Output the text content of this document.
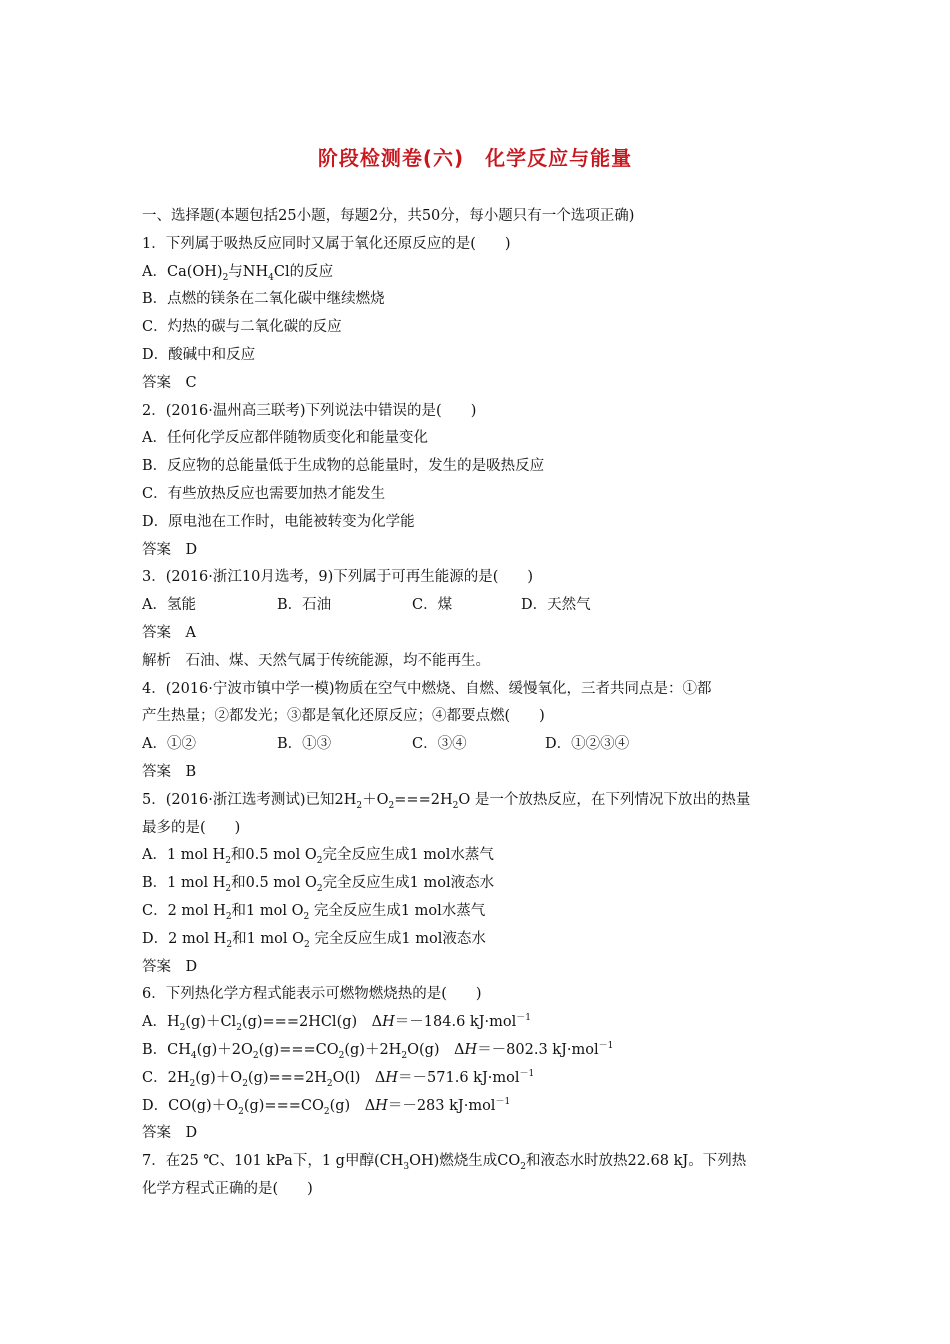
阶段检测卷(六)　化学反应与能量
一、选择题(本题包括25小题，每题2分，共50分，每小题只有一个选项正确)
1．下列属于吸热反应同时又属于氧化还原反应的是(　　)
A．$Ca(OH)_2$与$NH_4Cl$的反应
B．点燃的镁条在二氧化碳中继续燃烧
C．灼热的碳与二氧化碳的反应
D．酸碱中和反应
答案　C
2．(2016·温州高三联考)下列说法中错误的是(　　)
A．任何化学反应都伴随物质变化和能量变化
B．反应物的总能量低于生成物的总能量时，发生的是吸热反应
C．有些放热反应也需要加热才能发生
D．原电池在工作时，电能被转变为化学能
答案　D
3．(2016·浙江10月选考，9)下列属于可再生能源的是(　　)
A．氢能	B．石油	C．煤	D．天然气
答案　A
解析　石油、煤、天然气属于传统能源，均不能再生。
4．(2016·宁波市镇中学一模)物质在空气中燃烧、自燃、缓慢氧化，三者共同点是：①都
产生热量；②都发光；③都是氧化还原反应；④都要点燃(　　)
A．①②	B．①③	C．③④	D．①②③④
答案　B
5．(2016·浙江选考测试)已知$2H_2+O_2===2H_2O$ 是一个放热反应，在下列情况下放出的热量
最多的是(　　)
A．1 mol $H_2$和0.5 mol $O_2$完全反应生成1 mol水蒸气
B．1 mol $H_2$和0.5 mol $O_2$完全反应生成1 mol液态水
C．2 mol $H_2$和1 mol $O_2$ 完全反应生成1 mol水蒸气
D．2 mol $H_2$和1 mol $O_2$ 完全反应生成1 mol液态水
答案　D
6．下列热化学方程式能表示可燃物燃烧热的是(　　)
A．$H_2(g)+Cl_2(g)===2HCl(g)$　ΔH＝－184.6 kJ·mol$^{-1}$
B．$CH_4(g)+2O_2(g)===CO_2(g)+2H_2O(g)$　ΔH＝－802.3 kJ·mol$^{-1}$
C．$2H_2(g)+O_2(g)===2H_2O(l)$　ΔH＝－571.6 kJ·mol$^{-1}$
D．$CO(g)+O_2(g)===CO_2(g)$　ΔH＝－283 kJ·mol$^{-1}$
答案　D
7．在25 ℃、101 kPa下，1 g甲醇$(CH_3OH)$燃烧生成$CO_2$和液态水时放热22.68 kJ。下列热
化学方程式正确的是(　　)
